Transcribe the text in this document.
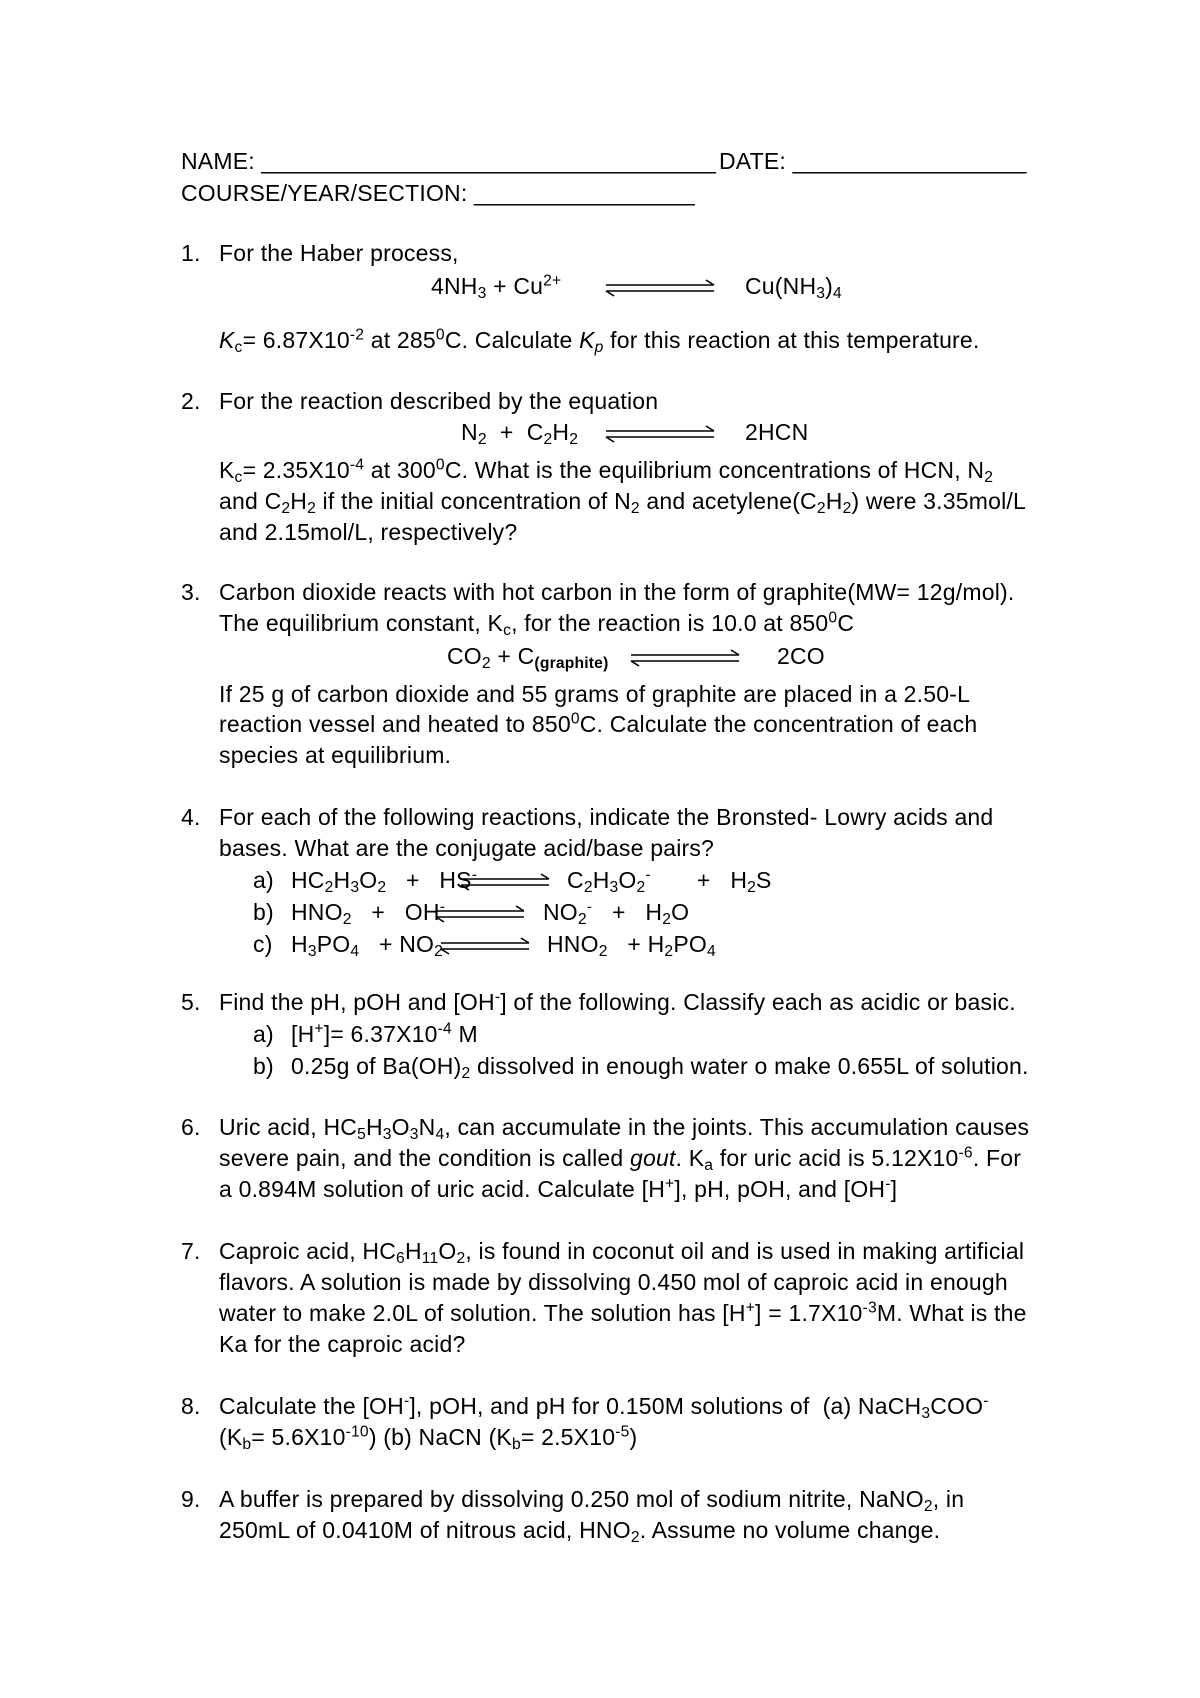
NAME: ___________________________________ DATE: __________________
COURSE/YEAR/SECTION: _________________
1. For the Haber process,
$4NH_3 + Cu^{2+}$	$Cu(NH_3)_4$
$K_c= 6.87X10^{-2}$ at $285^0C$. Calculate $K_p$ for this reaction at this temperature.
2. For the reaction described by the equation
$N_2 + C_2H_2$	2HCN
$K_c= 2.35X10^{-4}$ at $300^0C$. What is the equilibrium concentrations of HCN, $N_2$
and $C_2H_2$ if the initial concentration of $N_2$ and $acetylene(C_2H_2)$ were 3.35mol/L
and 2.15mol/L, respectively?
3. Carbon dioxide reacts with hot carbon in the form of graphite(MW= 12g/mol).
The equilibrium constant, $K_c$, for the reaction is 10.0 at $850^0C$
$CO_2 + C_{(graphite)}$	2CO
If 25 g of carbon dioxide and 55 grams of graphite are placed in a 2.50-L
reaction vessel and heated to $850^0C$. Calculate the concentration of each
species at equilibrium.
4. For each of the following reactions, indicate the Bronsted- Lowry acids and
bases. What are the conjugate acid/base pairs?
a) $HC_2H_3O_2 + HS^-$	$C_2H_3O_2^-$       +   $H_2S$
b) $HNO_2 + OH^-$	$NO_2^- + H_2O$
c) $H_3PO_4 + NO_2$	$HNO_2 + H_2PO_4$
5. Find the pH, pOH and [OH-] of the following. Classify each as acidic or basic.
a) $[H^+]= 6.37X10^{-4}$ M
b) 0.25g of $Ba(OH)_2$ dissolved in enough water o make 0.655L of solution.
6. Uric acid, $HC_5H_3O_3N_4$, can accumulate in the joints. This accumulation causes
severe pain, and the condition is called gout. $K_a$ for uric acid is $5.12X10^{-6}$. For
a 0.894M solution of uric acid. Calculate [H+], pH, pOH, and [OH-]
7. Caproic acid, $HC_6H_{11}O_2$, is found in coconut oil and is used in making artificial
flavors. A solution is made by dissolving 0.450 mol of caproic acid in enough
water to make 2.0L of solution. The solution has $[H^+] = 1.7X10^{-3}M$. What is the
Ka for the caproic acid?
8. Calculate the [OH-], pOH, and pH for 0.150M solutions of  (a) NaCH$_3$COO-
$(K_b= 5.6X10^{-10})$ (b) NaCN $(K_b= 2.5X10^{-5})$
9. A buffer is prepared by dissolving 0.250 mol of sodium nitrite, NaNO$_2$, in
250mL of 0.0410M of nitrous acid, $HNO_2$. Assume no volume change.
